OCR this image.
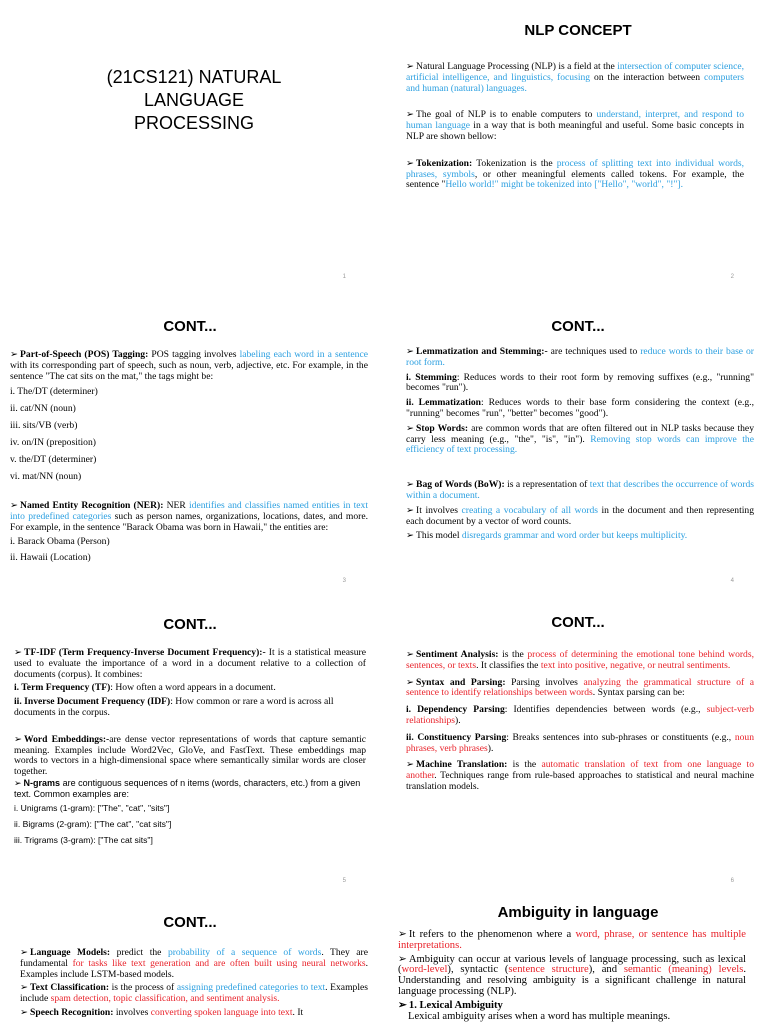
(21CS121) NATURAL LANGUAGE PROCESSING
1
NLP CONCEPT

➢ Natural Language Processing (NLP) is a field at the intersection of computer science, artificial intelligence, and linguistics, focusing on the interaction between computers and human (natural) languages.

➢ The goal of NLP is to enable computers to understand, interpret, and respond to human language in a way that is both meaningful and useful. Some basic concepts in NLP are shown bellow:

➢ Tokenization: Tokenization is the process of splitting text into individual words, phrases, symbols, or other meaningful elements called tokens. For example, the sentence "Hello world!" might be tokenized into ["Hello", "world", "!"].

2
CONT...

➢ Part-of-Speech (POS) Tagging: POS tagging involves labeling each word in a sentence with its corresponding part of speech, such as noun, verb, adjective, etc. For example, in the sentence "The cat sits on the mat," the tags might be:

i. The/DT (determiner)

ii. cat/NN (noun)

iii. sits/VB (verb)

iv. on/IN (preposition)

v. the/DT (determiner)

vi. mat/NN (noun)

➢ Named Entity Recognition (NER): NER identifies and classifies named entities in text into predefined categories such as person names, organizations, locations, dates, and more. For example, in the sentence "Barack Obama was born in Hawaii," the entities are:

i. Barack Obama (Person)

ii. Hawaii (Location)

3
CONT...

➢ Lemmatization and Stemming:- are techniques used to reduce words to their base or root form.

i. Stemming: Reduces words to their root form by removing suffixes (e.g., "running" becomes "run").

ii. Lemmatization: Reduces words to their base form considering the context (e.g., "running" becomes "run", "better" becomes "good").

➢ Stop Words: are common words that are often filtered out in NLP tasks because they carry less meaning (e.g., "the", "is", "in"). Removing stop words can improve the efficiency of text processing.

➢ Bag of Words (BoW): is a representation of text that describes the occurrence of words within a document.

➢ It involves creating a vocabulary of all words in the document and then representing each document by a vector of word counts.

➢ This model disregards grammar and word order but keeps multiplicity.

4
CONT...

➢ TF-IDF (Term Frequency-Inverse Document Frequency):- It is a statistical measure used to evaluate the importance of a word in a document relative to a collection of documents (corpus). It combines:

i. Term Frequency (TF): How often a word appears in a document.

ii. Inverse Document Frequency (IDF): How common or rare a word is across all documents in the corpus.

➢ Word Embeddings:-are dense vector representations of words that capture semantic meaning. Examples include Word2Vec, GloVe, and FastText. These embeddings map words to vectors in a high-dimensional space where semantically similar words are closer together.

➢ N-grams are contiguous sequences of n items (words, characters, etc.) from a given text. Common examples are:

i. Unigrams (1-gram): ["The", "cat", "sits"]

ii. Bigrams (2-gram): ["The cat", "cat sits"]

iii. Trigrams (3-gram): ["The cat sits"]

5
CONT...

➢ Sentiment Analysis: is the process of determining the emotional tone behind words, sentences, or texts. It classifies the text into positive, negative, or neutral sentiments.

➢ Syntax and Parsing: Parsing involves analyzing the grammatical structure of a sentence to identify relationships between words. Syntax parsing can be:

i. Dependency Parsing: Identifies dependencies between words (e.g., subject-verb relationships).

ii. Constituency Parsing: Breaks sentences into sub-phrases or constituents (e.g., noun phrases, verb phrases).

➢ Machine Translation: is the automatic translation of text from one language to another. Techniques range from rule-based approaches to statistical and neural machine translation models.

6
CONT...

➢ Language Models: predict the probability of a sequence of words. They are fundamental for tasks like text generation and are often built using neural networks. Examples include LSTM-based models.

➢ Text Classification: is the process of assigning predefined categories to text. Examples include spam detection, topic classification, and sentiment analysis.

➢ Speech Recognition: involves converting spoken language into text. It

Ambiguity in language

➢ It refers to the phenomenon where a word, phrase, or sentence has multiple interpretations.

➢ Ambiguity can occur at various levels of language processing, such as lexical (word-level), syntactic (sentence structure), and semantic (meaning) levels. Understanding and resolving ambiguity is a significant challenge in natural language processing (NLP).

➢ 1. Lexical Ambiguity

Lexical ambiguity arises when a word has multiple meanings.
